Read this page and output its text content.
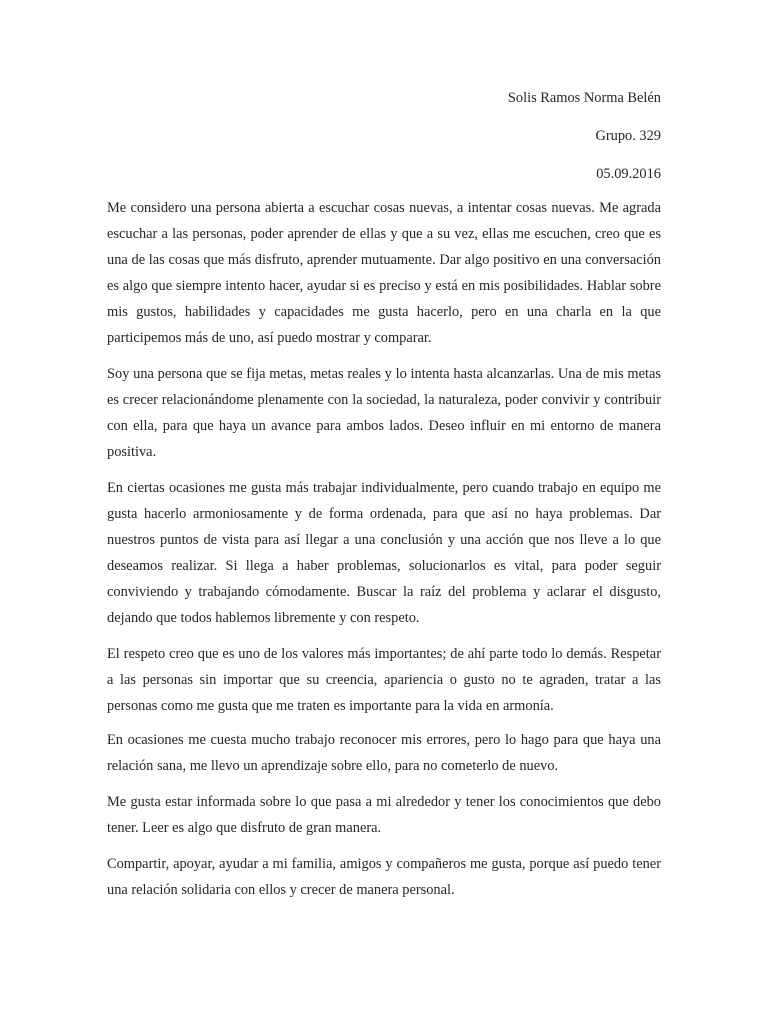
Solis Ramos Norma Belén
Grupo. 329
05.09.2016

Me considero una persona abierta a escuchar cosas nuevas, a intentar cosas nuevas. Me agrada escuchar a las personas, poder aprender de ellas y que a su vez, ellas me escuchen, creo que es una de las cosas que más disfruto, aprender mutuamente. Dar algo positivo en una conversación es algo que siempre intento hacer, ayudar si es preciso y está en mis posibilidades. Hablar sobre mis gustos, habilidades y capacidades me gusta hacerlo, pero en una charla en la que participemos más de uno, así puedo mostrar y comparar.

Soy una persona que se fija metas, metas reales y lo intenta hasta alcanzarlas. Una de mis metas es crecer relacionándome plenamente con la sociedad, la naturaleza, poder convivir y contribuir con ella, para que haya un avance para ambos lados. Deseo influir en mi entorno de manera positiva.

En ciertas ocasiones me gusta más trabajar individualmente, pero cuando trabajo en equipo me gusta hacerlo armoniosamente y de forma ordenada, para que así no haya problemas. Dar nuestros puntos de vista para así llegar a una conclusión y una acción que nos lleve a lo que deseamos realizar. Si llega a haber problemas, solucionarlos es vital, para poder seguir conviviendo y trabajando cómodamente. Buscar la raíz del problema y aclarar el disgusto, dejando que todos hablemos libremente y con respeto.

El respeto creo que es uno de los valores más importantes; de ahí parte todo lo demás. Respetar a las personas sin importar que su creencia, apariencia o gusto no te agraden, tratar a las personas como me gusta que me traten es importante para la vida en armonía.

En ocasiones me cuesta mucho trabajo reconocer mis errores, pero lo hago para que haya una relación sana, me llevo un aprendizaje sobre ello, para no cometerlo de nuevo.

Me gusta estar informada sobre lo que pasa a mi alrededor y tener los conocimientos que debo tener. Leer es algo que disfruto de gran manera.

Compartir, apoyar, ayudar a mi familia, amigos y compañeros me gusta, porque así puedo tener una relación solidaria con ellos y crecer de manera personal.
